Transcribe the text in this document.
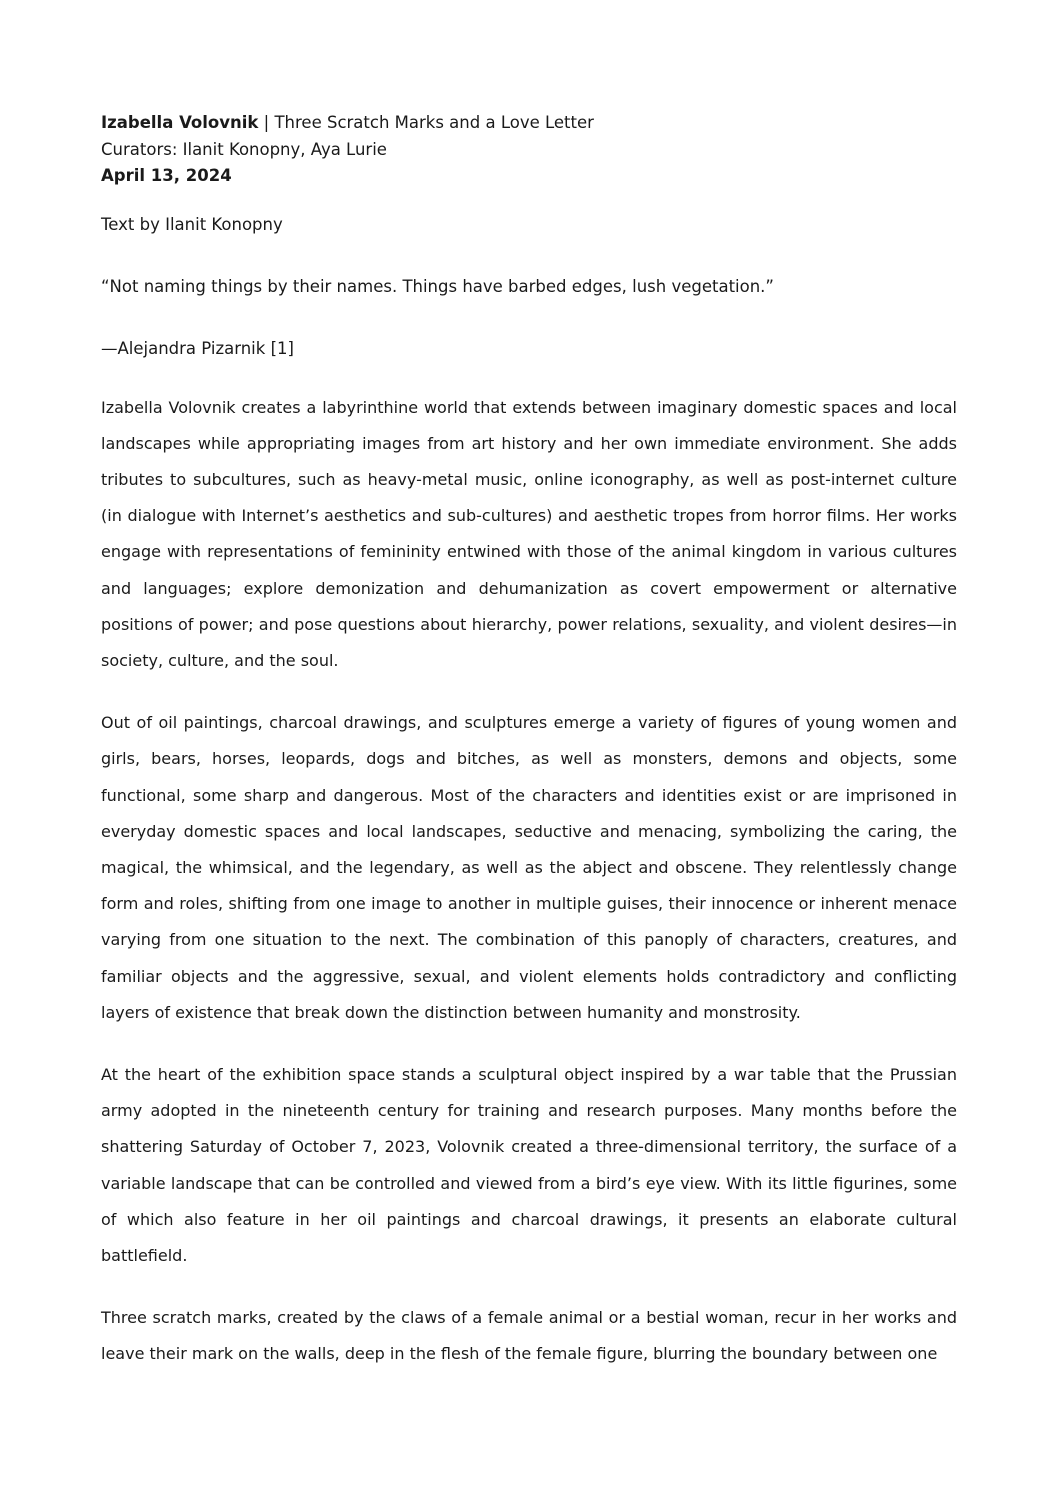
Izabella Volovnik | Three Scratch Marks and a Love Letter

Curators: Ilanit Konopny, Aya Lurie

April 13, 2024

Text by Ilanit Konopny

“Not naming things by their names. Things have barbed edges, lush vegetation.”

—Alejandra Pizarnik [1]

Izabella Volovnik creates a labyrinthine world that extends between imaginary domestic spaces and local landscapes while appropriating images from art history and her own immediate environment. She adds tributes to subcultures, such as heavy-metal music, online iconography, as well as post-internet culture (in dialogue with Internet’s aesthetics and sub-cultures) and aesthetic tropes from horror films. Her works engage with representations of femininity entwined with those of the animal kingdom in various cultures and languages; explore demonization and dehumanization as covert empowerment or alternative positions of power; and pose questions about hierarchy, power relations, sexuality, and violent desires—in society, culture, and the soul.

Out of oil paintings, charcoal drawings, and sculptures emerge a variety of figures of young women and girls, bears, horses, leopards, dogs and bitches, as well as monsters, demons and objects, some functional, some sharp and dangerous. Most of the characters and identities exist or are imprisoned in everyday domestic spaces and local landscapes, seductive and menacing, symbolizing the caring, the magical, the whimsical, and the legendary, as well as the abject and obscene. They relentlessly change form and roles, shifting from one image to another in multiple guises, their innocence or inherent menace varying from one situation to the next. The combination of this panoply of characters, creatures, and familiar objects and the aggressive, sexual, and violent elements holds contradictory and conflicting layers of existence that break down the distinction between humanity and monstrosity.

At the heart of the exhibition space stands a sculptural object inspired by a war table that the Prussian army adopted in the nineteenth century for training and research purposes. Many months before the shattering Saturday of October 7, 2023, Volovnik created a three-dimensional territory, the surface of a variable landscape that can be controlled and viewed from a bird’s eye view. With its little figurines, some of which also feature in her oil paintings and charcoal drawings, it presents an elaborate cultural battlefield.

Three scratch marks, created by the claws of a female animal or a bestial woman, recur in her works and leave their mark on the walls, deep in the flesh of the female figure, blurring the boundary between one
